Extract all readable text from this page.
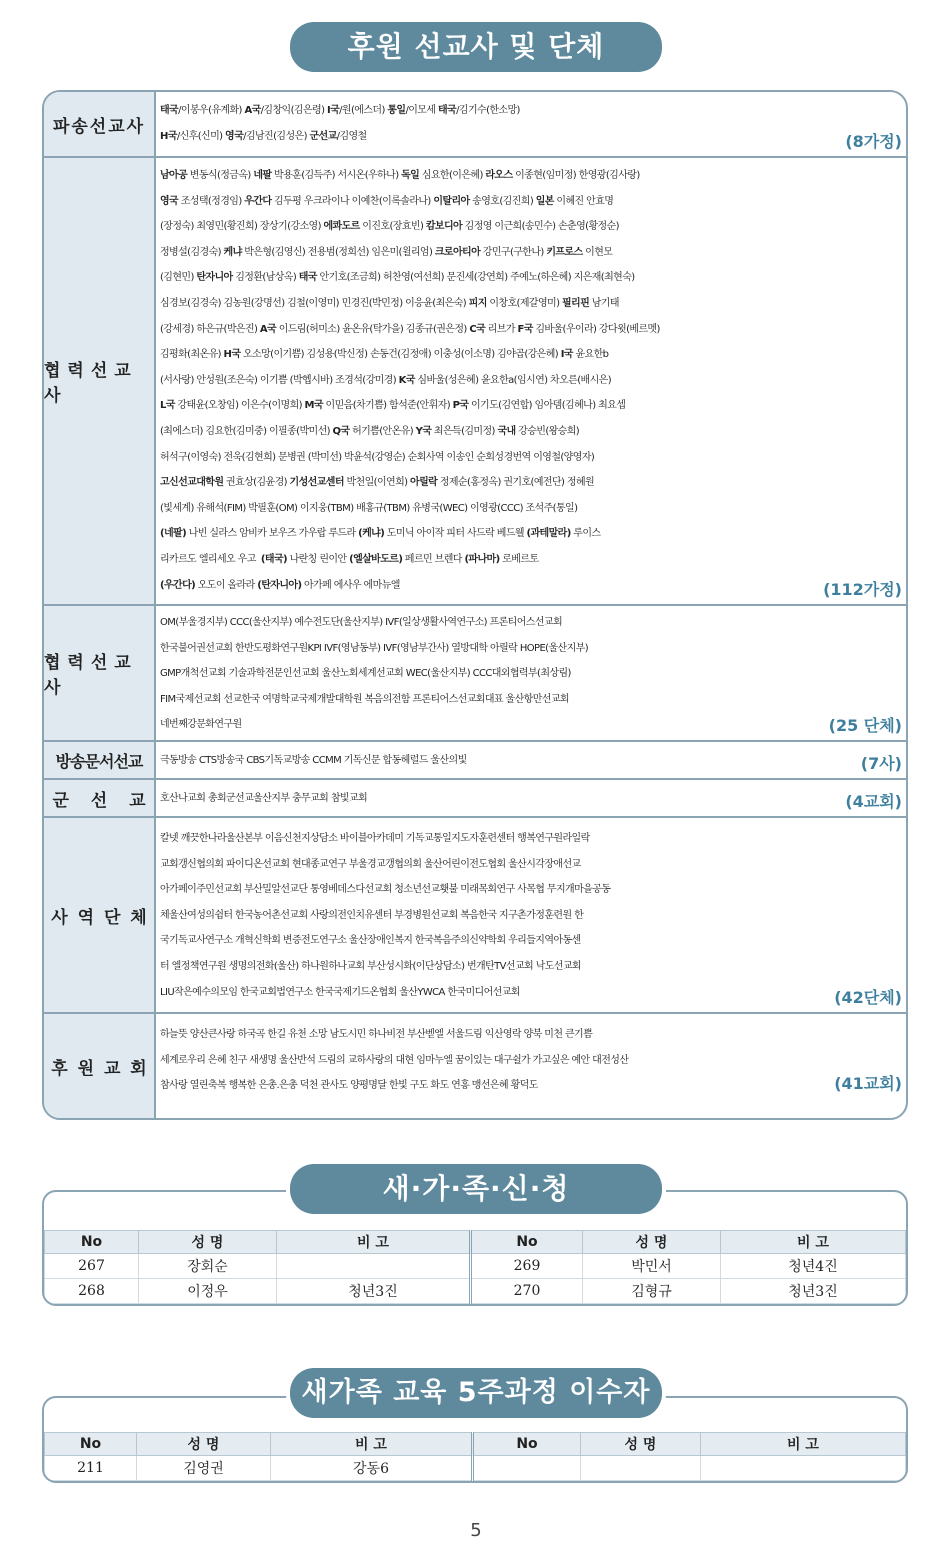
후원 선교사 및 단체
파송선교사
태국/이봉우(유계화) A국/김창익(김은령) I국/원(에스더) 통일/이모세 태국/김기수(한소망)
H국/신후(신미) 영국/김남진(김성은) 군선교/김영철	(8가정)
협력선교사
남아공 변동식(정금옥) 네팔 박용훈(김득주) 서시온(우하나) 독일 심요한(이은혜) 라오스 이종현(임미정) 한영광(김사랑)
영국 조성택(정경임) 우간다 김두평 우크라이나 이예찬(이록솔라나) 이탈리아 송영호(김진희) 일본 이혜진 안효명
(장정숙) 최영민(황진희) 장상기(강소영) 에콰도르 이진호(장효빈) 캄보디아 김정영 이근희(송민수) 손춘영(황정순)
정병설(김경숙) 케냐 박은형(김영신) 전용범(정희선) 임은미(윌리엄) 크로아티아 강민구(구한나) 키프로스 이현모
(김현민) 탄자니아 김정환(남상옥) 태국 안기호(조금희) 허찬영(여선희) 문진세(강연희) 주예노(하은혜) 지은재(최현숙)
심경보(김경숙) 김농원(강명선) 김철(이영미) 민경진(박민정) 이응윤(최은숙) 피지 이창호(제갈영미) 필리핀 남기태
(강세경) 하은규(박은진) A국 이드림(허미소) 윤온유(탁가을) 김종규(권은정) C국 리브가 F국 김바울(우이라) 강다윗(베르멧)
김평화(최온유) H국 오소망(이기쁨) 김성용(박신정) 손동건(김정애) 이충성(이소명) 김야곱(강은혜) I국 윤요한b
(서사랑) 안성원(조은숙) 이기쁨 (박헵시바) 조경석(강미경) K국 심바울(성은혜) 윤요한a(임시연) 차오른(배시은)
L국 강태윤(오창임) 이은수(이명희) M국 이믿음(차기쁨) 함석준(안휘자) P국 이기도(김연합) 임아뎀(김혜나) 최요셉
(최에스더) 김요한(김미중) 이필종(박미선) Q국 허기쁨(안온유) Y국 최은득(김미정) 국내 강승빈(왕승희)
허석구(이영숙) 전욱(김현희) 문병권 (박미선) 박윤석(강영순) 순회사역 이송인 순회성경번역 이영철(양영자)
고신선교대학원 권효상(김윤경) 기성선교센터 박천일(이연희) 아릴락 정제순(홍정옥) 권기호(예전단) 정혜원
(빛세계) 유해석(FIM) 박필훈(OM) 이지웅(TBM) 배홍규(TBM) 유병국(WEC) 이영광(CCC) 조석주(통일)
(네팔) 나빈 실라스 암비카 보우즈 가우랍 루드라 (케냐) 도미닉 아이작 피터 사드락 베드웰 (과테말라) 루이스
리카르도 엘리세오 우고  (태국) 나란칭 린이안 (엘살바도르) 페르민 브렌다 (파나마) 로베르토
(우간다) 오도이 올라라 (탄자니아) 아가페 에사우 에마뉴엘	(112가정)
협력선교사
OM(부울경지부) CCC(울산지부) 예수전도단(울산지부) IVF(일상생활사역연구소) 프론티어스선교회
한국불어권선교회 한반도평화연구원KPI IVF(영남동부) IVF(영남부간사) 열방대학 아릴락 HOPE(울산지부)
GMP개척선교회 기술과학전문인선교회 울산노회세계선교회 WEC(울산지부) CCC대외협력부(최상림)
FIM국제선교회 선교한국 여명학교국제개발대학원 복음의전함 프론티어스선교회대표 울산항만선교회
네번째강문화연구원	(25 단체)
방송문서선교	극동방송 CTS방송국 CBS기독교방송 CCMM 기독신문 합동헤럴드 울산의빛	(7사)
군 선 교 호산나교회 총회군선교울산지부 충무교회 참빛교회	(4교회)
사 역 단 체
칼넷 깨끗한나라울산본부 이음신천지상담소 바이블아카데미 기독교통일지도자훈련센터 행복연구원라일락
교회갱신협의회 파이디온선교회 현대종교연구 부울경교갱협의회 울산어린이전도협회 울산시각장애선교
아가페이주민선교회 부산밀알선교단 통영베데스다선교회 청소년선교횃불 미래목회연구 사목협 무지개마을공동
체울산여성의쉼터 한국농어촌선교회 사랑의전인치유센터 부경병원선교회 복음한국 지구촌가정훈련원 한
국기독교사연구소 개혁신학회 변증전도연구소 울산장애인복지 한국복음주의신약학회 우리들지역아동센
터 엘정책연구원 생명의전화(울산) 하나원하나교회 부산성시화(이단상담소) 번개탄TV선교회 낙도선교회
LIU작은예수의모임 한국교회법연구소 한국국제기드온협회 울산YWCA 한국미디어선교회	(42단체)
후 원 교 회
하늘뜻 양산큰사랑 하국곡 한길 유천 소망 남도시민 하나비전 부산벧엘 서울드림 익산영락 양북 미천 큰기쁨
세계로우리 은혜 친구 새생명 울산반석 드림의 교하사랑의 대현 임마누엘 꿈이있는 대구쉴가 가고싶은 예안 대전성산
참사랑 열린축복 행복한 은총.은총 덕천 관사도 양평명달 한빛 구도 화도 연홍 맹선은혜 황덕도	(41교회)
새·가·족·신·청
No	성 명	비 고	No	성 명	비 고
267	장회순		269	박민서	청년4진
268	이정우	청년3진	270	김형규	청년3진
새가족 교육 5주과정 이수자
No	성 명	비 고	No	성 명	비 고
211	김영권	강동6			
5
